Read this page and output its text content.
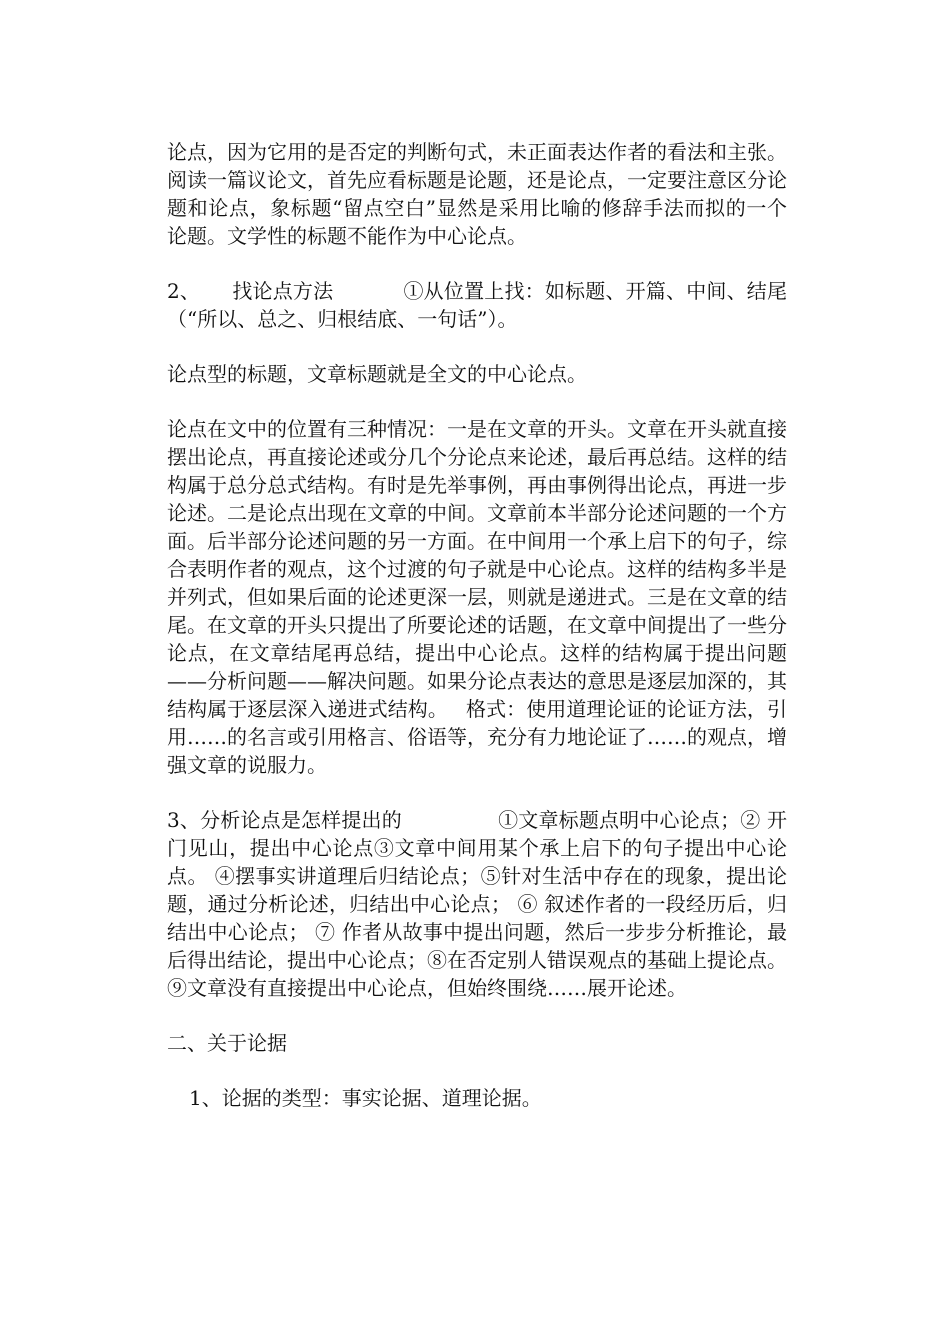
论点，因为它用的是否定的判断句式，未正面表达作者的看法和主张。阅读一篇议论文，首先应看标题是论题，还是论点，一定要注意区分论题和论点，象标题“留点空白”显然是采用比喻的修辞手法而拟的一个论题。文学性的标题不能作为中心论点。

2、 找论点方法	①从位置上找：如标题、开篇、中间、结尾（“所以、总之、归根结底、一句话”）。

论点型的标题，文章标题就是全文的中心论点。

论点在文中的位置有三种情况：一是在文章的开头。文章在开头就直接摆出论点，再直接论述或分几个分论点来论述，最后再总结。这样的结构属于总分总式结构。有时是先举事例，再由事例得出论点，再进一步论述。二是论点出现在文章的中间。文章前本半部分论述问题的一个方面。后半部分论述问题的另一方面。在中间用一个承上启下的句子，综合表明作者的观点，这个过渡的句子就是中心论点。这样的结构多半是并列式，但如果后面的论述更深一层，则就是递进式。三是在文章的结尾。在文章的开头只提出了所要论述的话题，在文章中间提出了一些分论点，在文章结尾再总结，提出中心论点。这样的结构属于提出问题——分析问题——解决问题。如果分论点表达的意思是逐层加深的，其结构属于逐层深入递进式结构。 格式：使用道理论证的论证方法，引用……的名言或引用格言、俗语等，充分有力地论证了……的观点，增强文章的说服力。

3、分析论点是怎样提出的	①文章标题点明中心论点；② 开门见山，提出中心论点③文章中间用某个承上启下的句子提出中心论点。 ④摆事实讲道理后归结论点；⑤针对生活中存在的现象，提出论题，通过分析论述，归结出中心论点； ⑥ 叙述作者的一段经历后，归结出中心论点； ⑦ 作者从故事中提出问题，然后一步步分析推论，最后得出结论，提出中心论点；⑧在否定别人错误观点的基础上提论点。⑨文章没有直接提出中心论点，但始终围绕……展开论述。

二、关于论据

1、论据的类型：事实论据、道理论据。
